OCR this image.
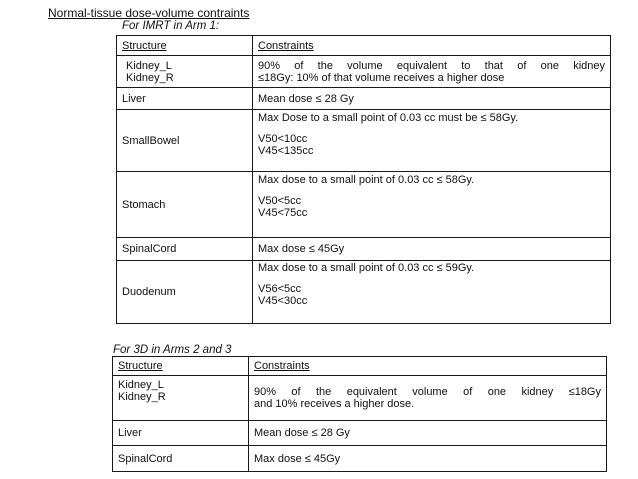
Normal-tissue dose-volume contraints
For IMRT in Arm 1:
Structure	Constraints

Kidney_L
Kidney_R	90% of the volume equivalent to that of one kidney
≤18Gy: 10% of that volume receives a higher dose

Liver	Mean dose ≤ 28 Gy

SmallBowel	Max Dose to a small point of 0.03 cc must be ≤ 58Gy.
V50<10cc
V45<135cc

Stomach	Max dose to a small point of 0.03 cc ≤ 58Gy.
V50<5cc
V45<75cc

SpinalCord	Max dose ≤ 45Gy

Duodenum	Max dose to a small point of 0.03 cc ≤ 59Gy.
V56<5cc
V45<30cc
For 3D in Arms 2 and 3
Structure	Constraints

Kidney_L
Kidney_R	90% of the equivalent volume of one kidney ≤18Gy
and 10% receives a higher dose.

Liver	Mean dose ≤ 28 Gy

SpinalCord	Max dose ≤ 45Gy
